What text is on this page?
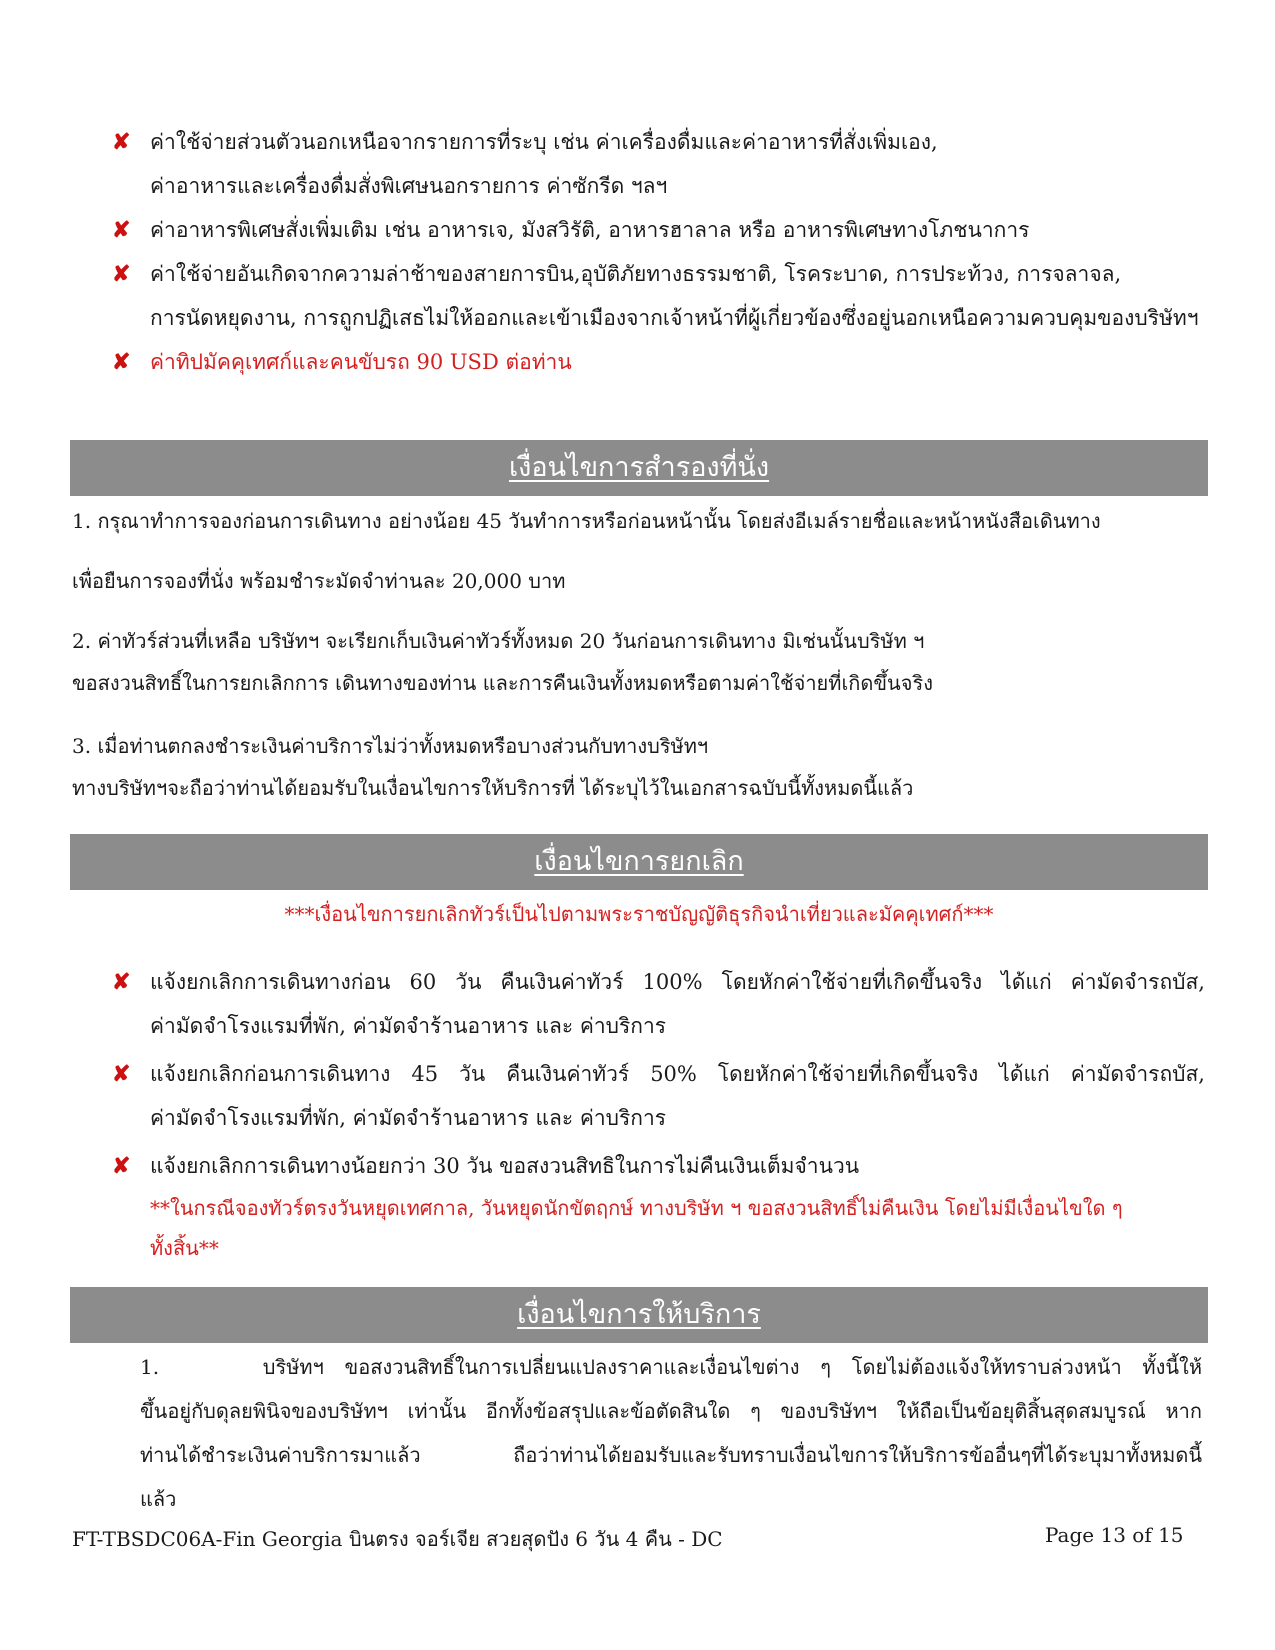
✘ ค่าใช้จ่ายส่วนตัวนอกเหนือจากรายการที่ระบุ เช่น ค่าเครื่องดื่มและค่าอาหารที่สั่งเพิ่มเอง,
ค่าอาหารและเครื่องดื่มสั่งพิเศษนอกรายการ ค่าซักรีด ฯลฯ
✘ ค่าอาหารพิเศษสั่งเพิ่มเติม เช่น อาหารเจ, มังสวิรัติ, อาหารฮาลาล หรือ อาหารพิเศษทางโภชนาการ
✘ ค่าใช้จ่ายอันเกิดจากความล่าช้าของสายการบิน,อุบัติภัยทางธรรมชาติ, โรคระบาด, การประท้วง, การจลาจล,
การนัดหยุดงาน, การถูกปฏิเสธไม่ให้ออกและเข้าเมืองจากเจ้าหน้าที่ผู้เกี่ยวข้องซึ่งอยู่นอกเหนือความควบคุมของบริษัทฯ
✘ ค่าทิปมัคคุเทศก์และคนขับรถ 90 USD ต่อท่าน
เงื่อนไขการสำรองที่นั่ง
1. กรุณาทำการจองก่อนการเดินทาง อย่างน้อย 45 วันทำการหรือก่อนหน้านั้น โดยส่งอีเมล์รายชื่อและหน้าหนังสือเดินทาง
เพื่อยืนการจองที่นั่ง พร้อมชำระมัดจำท่านละ 20,000 บาท
2. ค่าทัวร์ส่วนที่เหลือ บริษัทฯ จะเรียกเก็บเงินค่าทัวร์ทั้งหมด 20 วันก่อนการเดินทาง มิเช่นนั้นบริษัท ฯ
ขอสงวนสิทธิ์ในการยกเลิกการ เดินทางของท่าน และการคืนเงินทั้งหมดหรือตามค่าใช้จ่ายที่เกิดขึ้นจริง
3. เมื่อท่านตกลงชำระเงินค่าบริการไม่ว่าทั้งหมดหรือบางส่วนกับทางบริษัทฯ
ทางบริษัทฯจะถือว่าท่านได้ยอมรับในเงื่อนไขการให้บริการที่ ได้ระบุไว้ในเอกสารฉบับนี้ทั้งหมดนี้แล้ว
เงื่อนไขการยกเลิก
***เงื่อนไขการยกเลิกทัวร์เป็นไปตามพระราชบัญญัติธุรกิจนำเที่ยวและมัคคุเทศก์***
✘ แจ้งยกเลิกการเดินทางก่อน 60 วัน คืนเงินค่าทัวร์ 100% โดยหักค่าใช้จ่ายที่เกิดขึ้นจริง ได้แก่ ค่ามัดจำรถบัส,
ค่ามัดจำโรงแรมที่พัก, ค่ามัดจำร้านอาหาร และ ค่าบริการ
✘ แจ้งยกเลิกก่อนการเดินทาง 45 วัน คืนเงินค่าทัวร์ 50% โดยหักค่าใช้จ่ายที่เกิดขึ้นจริง ได้แก่ ค่ามัดจำรถบัส,
ค่ามัดจำโรงแรมที่พัก, ค่ามัดจำร้านอาหาร และ ค่าบริการ
✘ แจ้งยกเลิกการเดินทางน้อยกว่า 30 วัน ขอสงวนสิทธิในการไม่คืนเงินเต็มจำนวน
**ในกรณีจองทัวร์ตรงวันหยุดเทศกาล, วันหยุดนักขัตฤกษ์ ทางบริษัท ฯ ขอสงวนสิทธิ์ไม่คืนเงิน โดยไม่มีเงื่อนไขใด ๆ
ทั้งสิ้น**
เงื่อนไขการให้บริการ
1.          บริษัทฯ  ขอสงวนสิทธิ์ในการเปลี่ยนแปลงราคาและเงื่อนไขต่าง  ๆ  โดยไม่ต้องแจ้งให้ทราบล่วงหน้า  ทั้งนี้ให้
ขึ้นอยู่กับดุลยพินิจของบริษัทฯ เท่านั้น อีกทั้งข้อสรุปและข้อตัดสินใด ๆ ของบริษัทฯ ให้ถือเป็นข้อยุติสิ้นสุดสมบูรณ์ หาก
ท่านได้ชำระเงินค่าบริการมาแล้ว      ถือว่าท่านได้ยอมรับและรับทราบเงื่อนไขการให้บริการข้ออื่นๆที่ได้ระบุมาทั้งหมดนี้
แล้ว
FT-TBSDC06A-Fin Georgia บินตรง จอร์เจีย สวยสุดปัง 6 วัน 4 คืน - DC	Page 13 of 15
